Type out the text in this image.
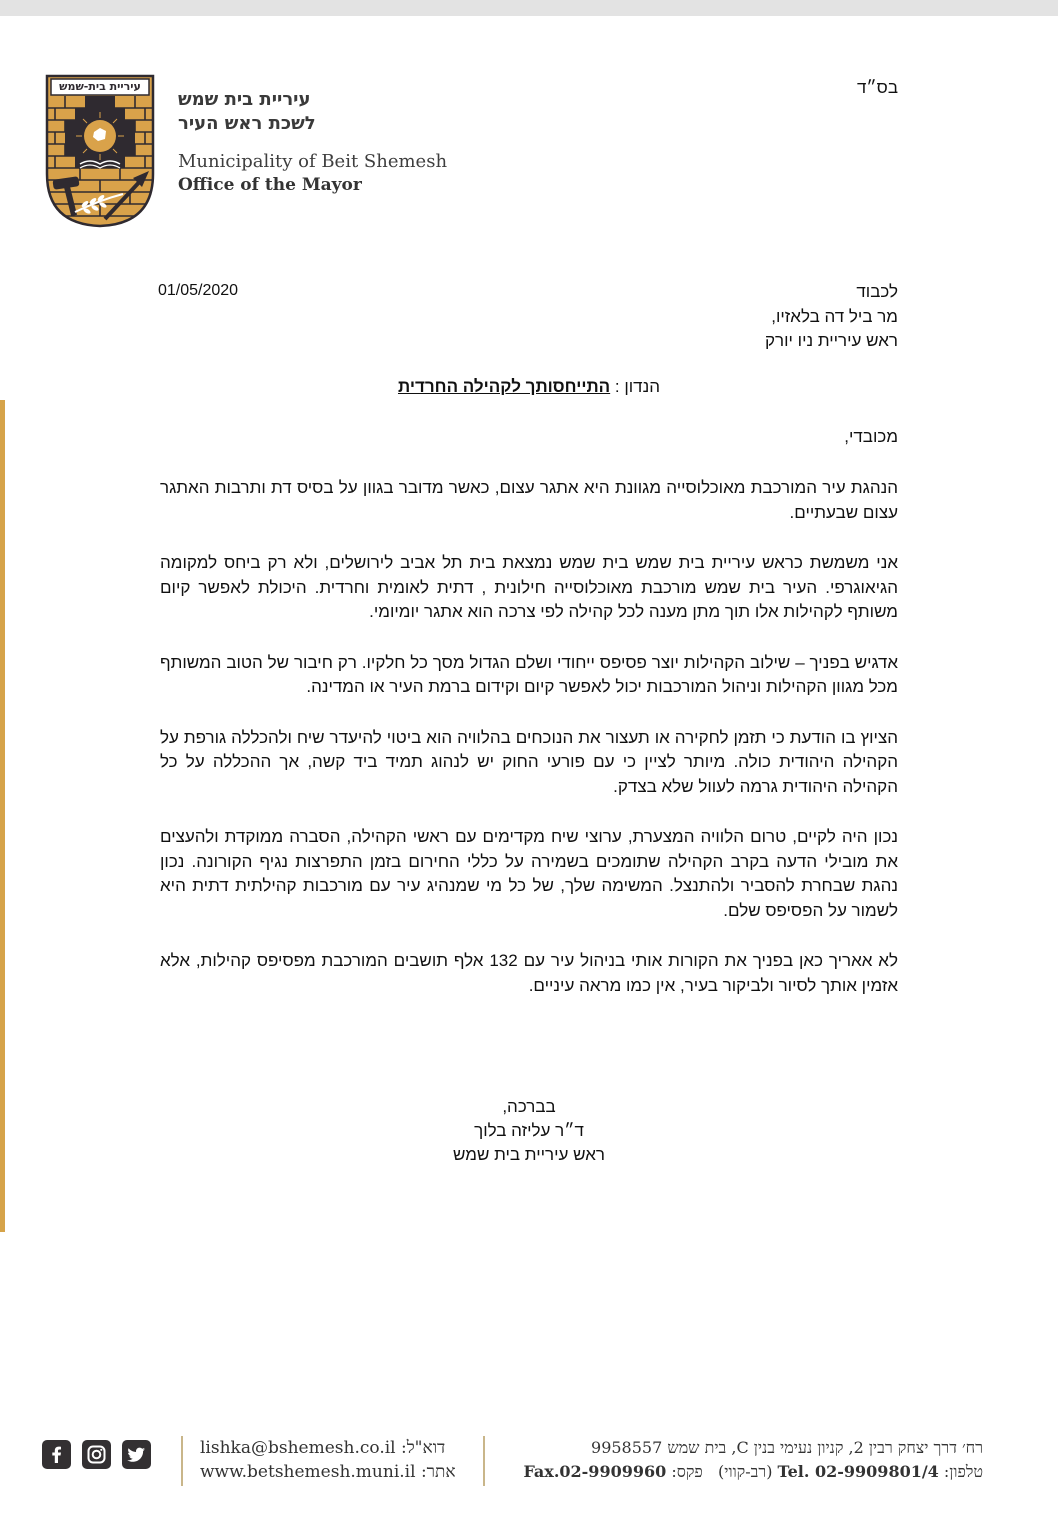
עיריית בית-שמש
עיריית בית שמש
לשכת ראש העיר
Municipality of Beit Shemesh
Office of the Mayor
בס״ד
01/05/2020	לכבוד
מר ביל דה בלאזיו,
ראש עיריית ניו יורק
הנדון : התייחסותך לקהילה החרדית
מכובדי,

הנהגת עיר המורכבת מאוכלוסייה מגוונת היא אתגר עצום, כאשר מדובר בגוון על בסיס דת ותרבות האתגר עצום שבעתיים.

אני משמשת כראש עיריית בית שמש בית שמש נמצאת בית תל אביב לירושלים, ולא רק ביחס למקומה הגיאוגרפי. העיר בית שמש מורכבת מאוכלוסייה חילונית , דתית לאומית וחרדית. היכולת לאפשר קיום משותף לקהילות אלו תוך מתן מענה לכל קהילה לפי צרכה הוא אתגר יומיומי.

אדגיש בפניך – שילוב הקהילות יוצר פסיפס ייחודי ושלם הגדול מסך כל חלקיו. רק חיבור של הטוב המשותף מכל מגוון הקהילות וניהול המורכבות יכול לאפשר קיום וקידום ברמת העיר או המדינה.

הציוץ בו הודעת כי תזמן לחקירה או תעצור את הנוכחים בהלוויה הוא ביטוי להיעדר שיח ולהכללה גורפת על הקהילה היהודית כולה. מיותר לציין כי עם פורעי החוק יש לנהוג תמיד ביד קשה, אך ההכללה על כל הקהילה היהודית גרמה לעוול שלא בצדק.

נכון היה לקיים, טרום הלוויה המצערת, ערוצי שיח מקדימים עם ראשי הקהילה, הסברה ממוקדת ולהעצים את מובילי הדעה בקרב הקהילה שתומכים בשמירה על כללי החירום בזמן התפרצות נגיף הקורונה. נכון נהגת שבחרת להסביר ולהתנצל. המשימה שלך, של כל מי שמנהיג עיר עם מורכבות קהילתית דתית היא לשמור על הפסיפס שלם.

לא אאריך כאן בפניך את הקורות אותי בניהול עיר עם 132 אלף תושבים המורכבת מפסיפס קהילות, אלא אזמין אותך לסיור ולביקור בעיר, אין כמו מראה עיניים.

בברכה,
ד״ר עליזה בלוך
ראש עיריית בית שמש
lishka@bshemesh.co.il דוא"ל:
www.betshemesh.muni.il אתר:
רח׳ דרך יצחק רבין 2, קניון נעימי בנין C, בית שמש 9958557
טלפון: Tel. 02-9909801/4 (רב-קווי)   פקס: Fax.02-9909960
